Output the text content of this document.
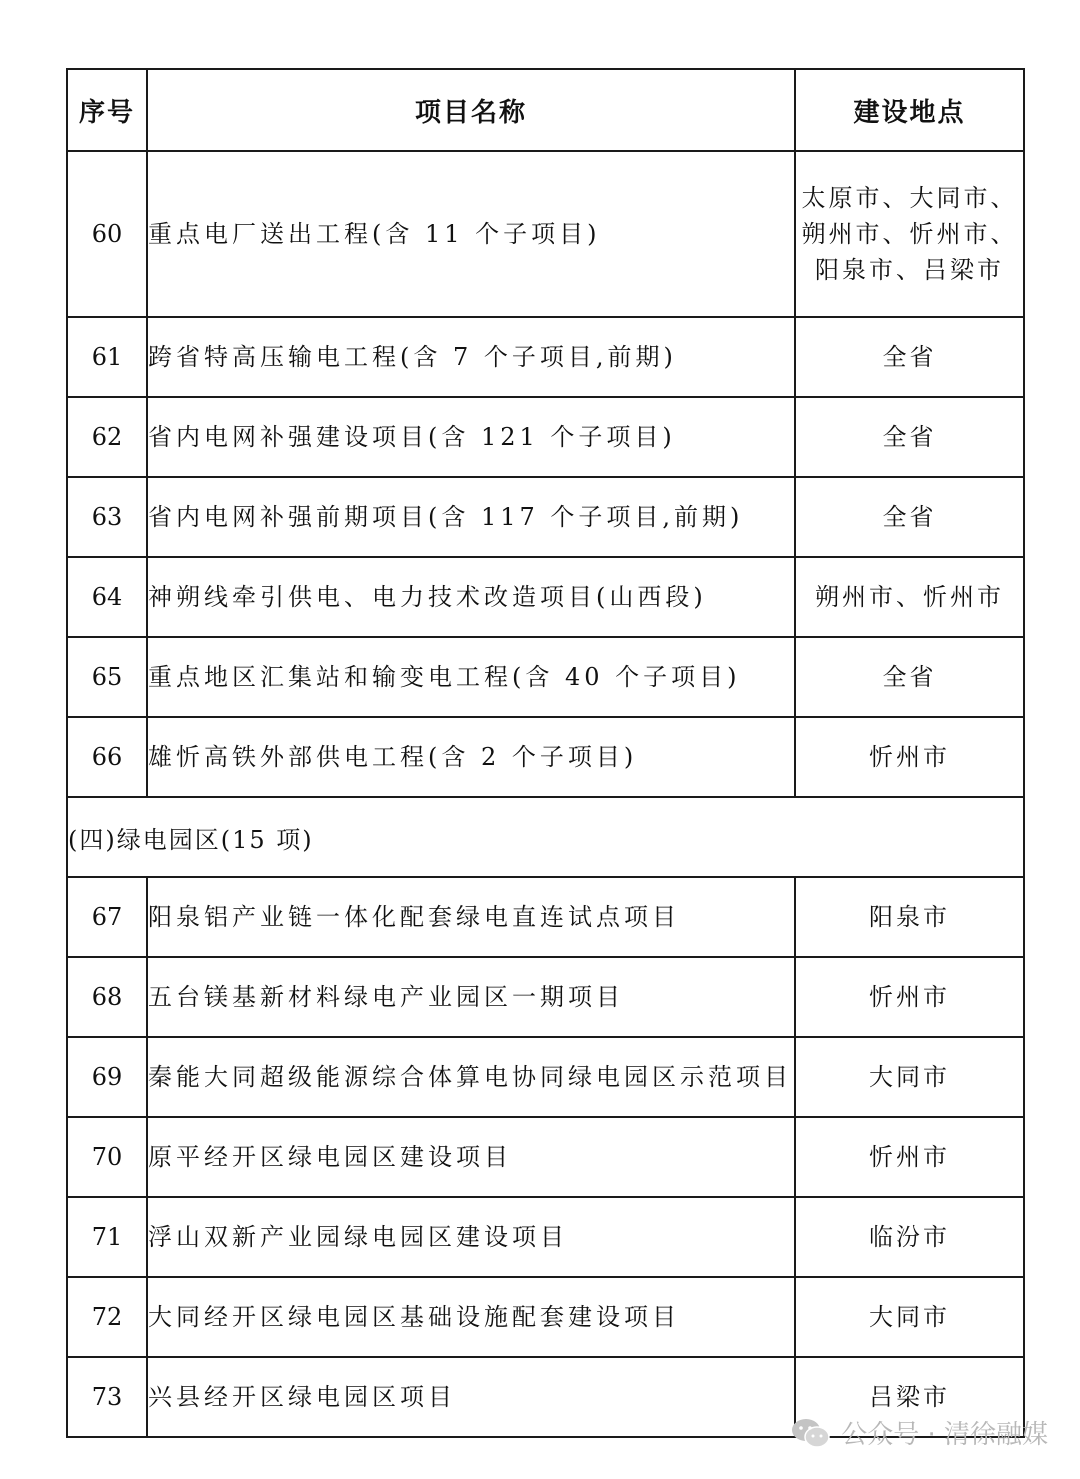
序号	项目名称	建设地点
60	重点电厂送出工程(含 11 个子项目)	太原市、大同市、朔州市、忻州市、阳泉市、吕梁市
61	跨省特高压输电工程(含 7 个子项目,前期)	全省
62	省内电网补强建设项目(含 121 个子项目)	全省
63	省内电网补强前期项目(含 117 个子项目,前期)	全省
64	神朔线牵引供电、电力技术改造项目(山西段)	朔州市、忻州市
65	重点地区汇集站和输变电工程(含 40 个子项目)	全省
66	雄忻高铁外部供电工程(含 2 个子项目)	忻州市
(四)绿电园区(15 项)		
67	阳泉铝产业链一体化配套绿电直连试点项目	阳泉市
68	五台镁基新材料绿电产业园区一期项目	忻州市
69	秦能大同超级能源综合体算电协同绿电园区示范项目	大同市
70	原平经开区绿电园区建设项目	忻州市
71	浮山双新产业园绿电园区建设项目	临汾市
72	大同经开区绿电园区基础设施配套建设项目	大同市
73	兴县经开区绿电园区项目	吕梁市
公众号 · 清徐融媒
